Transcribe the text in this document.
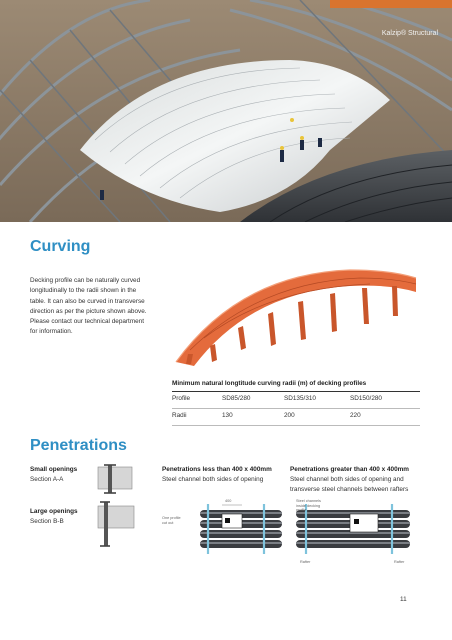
Kalzip® Structural
Curving
Decking profile can be naturally curved
longitudinally to the radii shown in the
table. It can also be curved in transverse
direction as per the picture shown above.
Please contact our technical department
for information.
Minimum natural longtitude curving radii (m) of decking profiles
Profile	SD85/280	SD135/310	SD150/280
Radii	130	200	220
Penetrations
Small openings
Section A-A
Large openings
Section B-B
Penetrations less than 400 x 400mm
Steel channel both sides of opening
Penetrations greater than 400 x 400mm
Steel channel both sides of opening and
transverse steel channels between rafters
400
One profile
cut out
Steel channels
inside decking
profile
Rafter	Rafter
11
